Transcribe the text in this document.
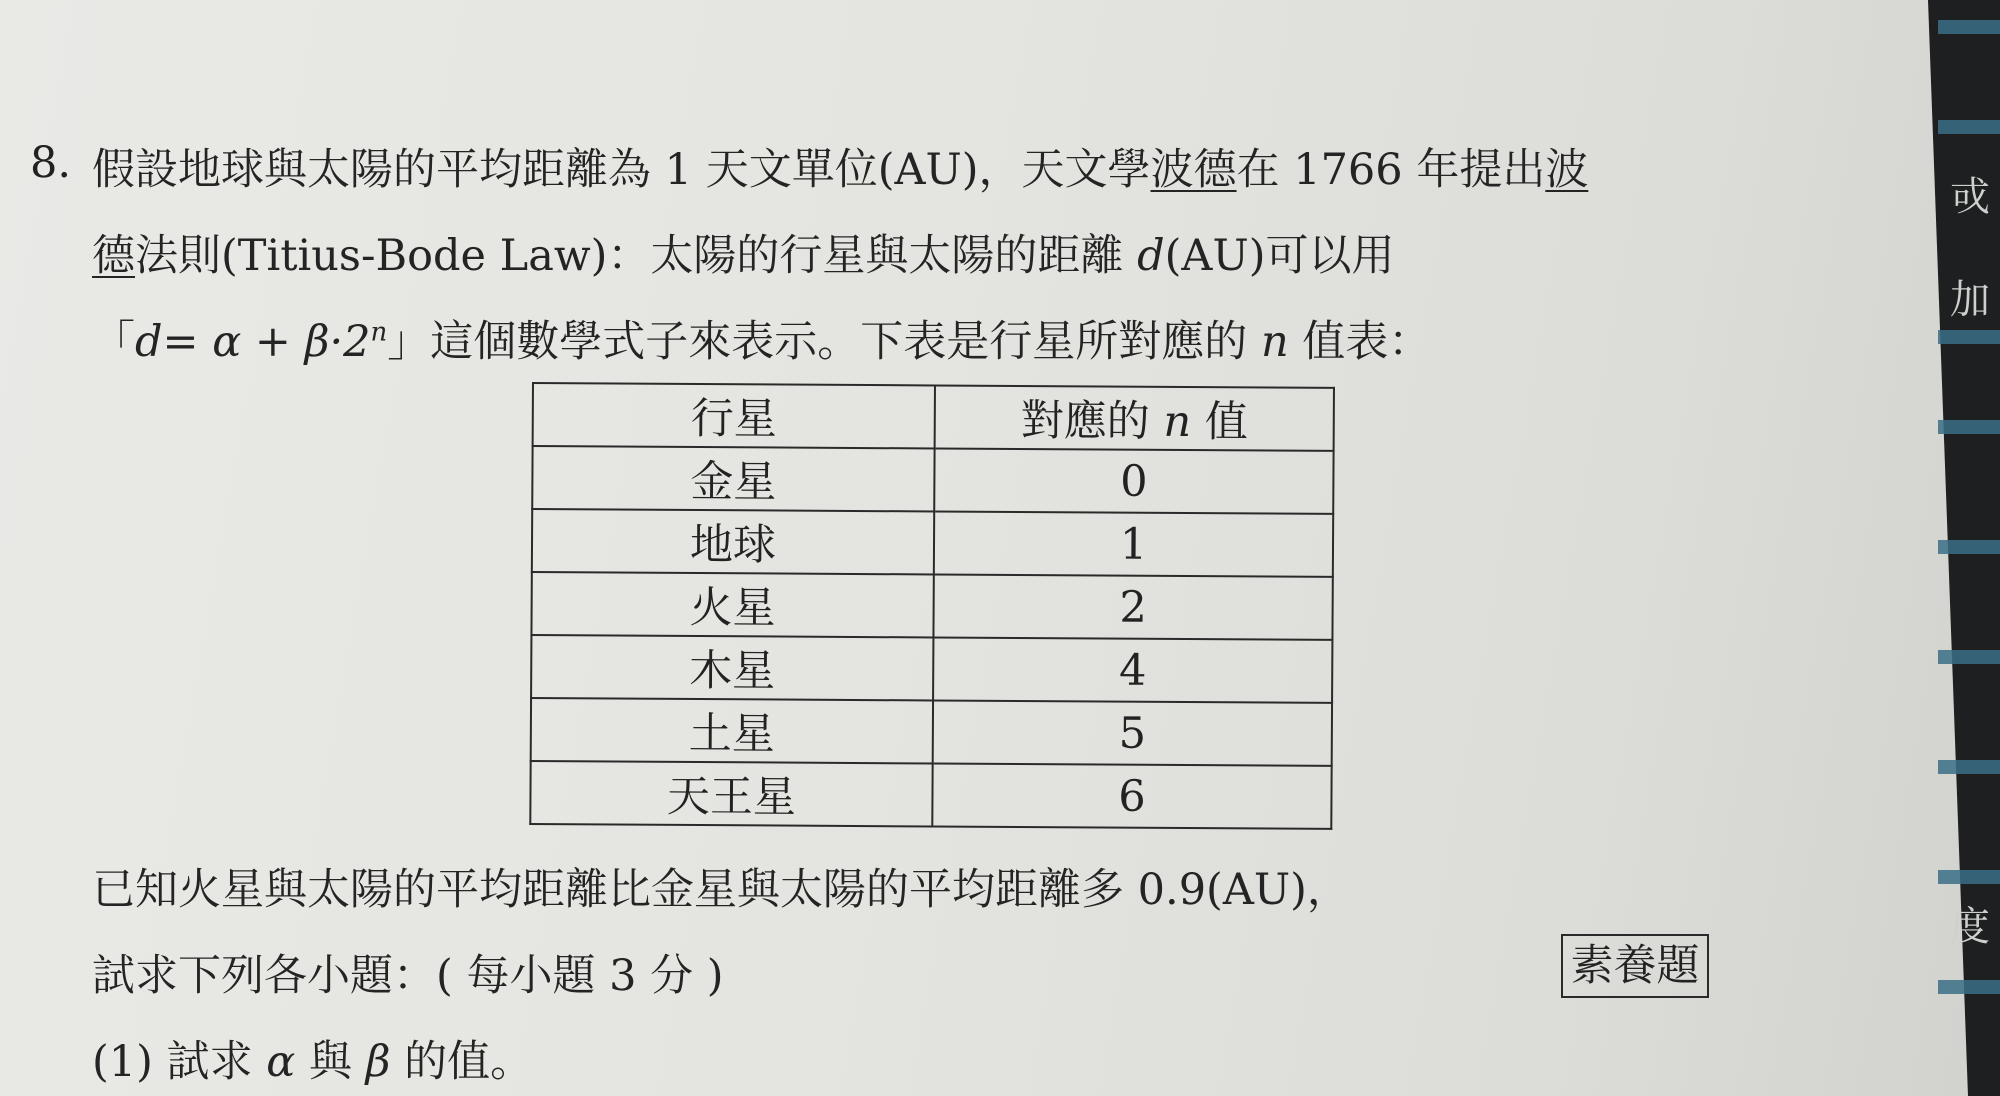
戓
加
度
8. 假設地球與太陽的平均距離為 1 天文單位(AU)，天文學波德在 1766 年提出波
德法則(Titius-Bode Law)：太陽的行星與太陽的距離 d(AU)可以用
「$d= \alpha + \beta\cdot 2^n$」這個數學式子來表示。下表是行星所對應的 n 值表：
行星	對應的 n 值
金星	0
地球	1
火星	2
木星	4
土星	5
天王星	6
已知火星與太陽的平均距離比金星與太陽的平均距離多 0.9(AU)，
試求下列各小題：( 每小題 3 分 )	素養題
(1) 試求 α 與 β 的值。
